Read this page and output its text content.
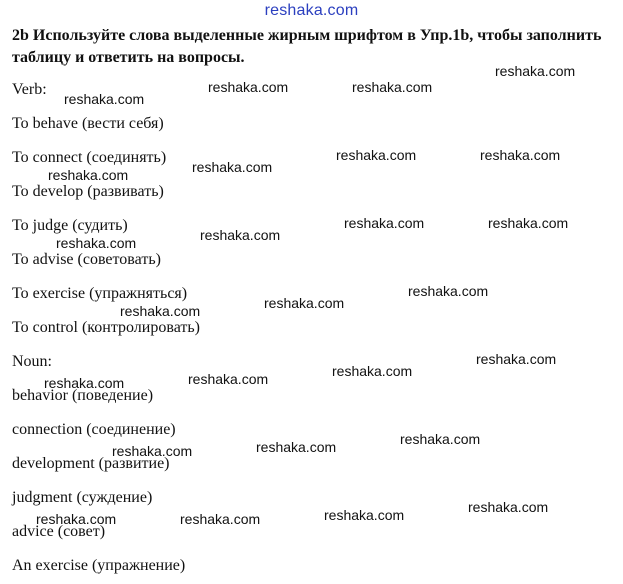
reshaka.com
2b Используйте слова выделенные жирным шрифтом в Упр.1b, чтобы заполнить таблицу и ответить на вопросы.
Verb:
To behave (вести себя)
To connect (соединять)
To develop (развивать)
To judge (судить)
To advise (советовать)
To exercise (упражняться)
To control (контролировать)
Noun:
behavior (поведение)
connection (соединение)
development (развитие)
judgment (суждение)
advice (совет)
An exercise (упражнение)
reshaka.com
reshaka.com
reshaka.com	reshaka.com
reshaka.com	reshaka.com
reshaka.com
reshaka.com
reshaka.com	reshaka.com
reshaka.com
reshaka.com
reshaka.com
reshaka.com
reshaka.com
reshaka.com
reshaka.com
reshaka.com
reshaka.com
reshaka.com
reshaka.com
reshaka.com
reshaka.com
reshaka.com
reshaka.com
reshaka.com
